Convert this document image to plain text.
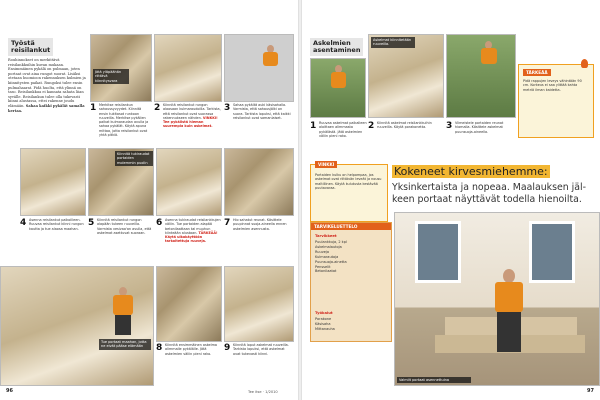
Työstä
reisilankut
Rouhinnokset on merkittävä reisilankkuihin kuvan mukaan. Ensimmäinen pykälä on pulmaan, joten portaat ovat aina rungot suorat. Lisäksi otetaan huomioon rakennuksen kulmien ja kiinnitysten paikat. Rungoksi tulee ensin pulmahaarat. Pidä huolta, että ylinnä on taso. Reisilankkua ei kannata sahata liian syvälle. Reisilankun tulee olla tukevasti kiinni alustassa, ettei rakenne joudu elämään. Sahaa kaikki pykälät samalla kertaa.
Jätä yläpäähän riittävä kiinnitysvara
1 Merkitse reisilankun sahaussyvyydet. Kiinnitä ensin tukitasot runkoon ruuveilla. Merkitse pykälien paikat kulmaraudan avulla ja sahaa pykälät. Käytä apuna mittaa, jotta reisilankut ovat yhtä pitkiä.
2 Kiinnitä reisilankut rungon alaosaan kulmaraudoilla. Tarkista, että reisilankut ovat suorassa rakennukseen nähden. VINKKI! Tee pykälistä hieman suurempia kuin askelmat.
3 Sahaa pykälät auki käsisahalla. Varmista, että sahausjälki on suora. Tarkista lopuksi, että kaikki reisilankut ovat samanlaiset.
Kiinnitä tukiraudat portaiden molemmin puolin
4 Asenna reisilankut paikoilleen. Ruuvaa reisilankut kiinni rungon kautta ja tue alaosa maahan.
5 Kiinnitä reisilankut rungon alapään tukeen ruuveilla. Varmista vesivaa'an avulla, että askelmat asettuvat suoraan.
6 Asenna tukiraudat reisilankkujen väliin. Tue portaiden alapää betonilaattaan tai muuhun kiinteään alustaan. TÄRKEÄÄ! Käytä ulkokäyttöön tarkoitettuja ruuveja.
7 Hio sahatut reunat. Käsittele puupinnat suoja-aineella ennen askelmien asennusta.
Tue portaat maahan, jotta ne eivät pääse elämään	8 Kiinnitä ensimmäinen askelma alimmalle pykälälle. Jätä askelmien väliin pieni rako.
9 Kiinnitä loput askelmat ruuveilla. Tarkista lopuksi, että askelmat ovat tukevasti kiinni.
96	Tee itse · 1/2010
Askelmien
asentaminen
Askelmat kiinnitetään ruuveilla.
1 Ruuvaa askelmat paikalleen aloittaen alimmasta pykälästä. Jätä askelmien väliin pieni rako.
2 Kiinnitä askelmat reisilankkuihin ruuveilla. Käytä porakonetta.	3 Viimeistele portaiden reunat hiomalla. Käsittele askelmat puunsuoja-aineella.
TÄRKEÄÄ
Pidä rappujen leveys vähintään 90 cm. Korkeus ei saa ylittää kahta metriä ilman kaidetta.
VINKKI
Portaiden kulku on helpompaa, jos askelmat ovat riittävän leveät ja nousu maltillinen. Käytä kulutusta kestävää puutavaraa.
Kokeneet kirvesmiehemme:
Yksinkertaista ja nopeaa. Maalauksen jäl-
keen portaat näyttävät todella hienoilta.
TARVIKELUETTELO
Tarvikkeet
Puulankkuja, 2 kpl
Askelmalautoja
Ruuveja
Kulmarautoja
Puunsuoja-ainetta
Pensselit
Betonilaatat
Työkalut
Porakone
Käsisaha
Mittanauha
Valmiit portaat asennettuina
97
